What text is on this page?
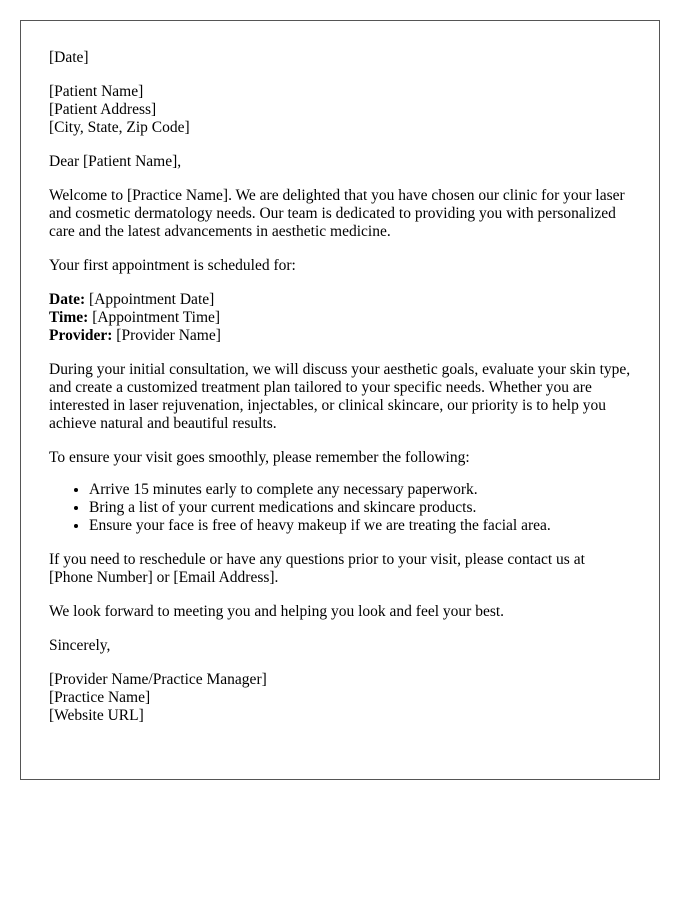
[Date]
[Patient Name]
[Patient Address]
[City, State, Zip Code]
Dear [Patient Name],
Welcome to [Practice Name]. We are delighted that you have chosen our clinic for your laser and cosmetic dermatology needs. Our team is dedicated to providing you with personalized care and the latest advancements in aesthetic medicine.
Your first appointment is scheduled for:
Date: [Appointment Date]
Time: [Appointment Time]
Provider: [Provider Name]
During your initial consultation, we will discuss your aesthetic goals, evaluate your skin type, and create a customized treatment plan tailored to your specific needs. Whether you are interested in laser rejuvenation, injectables, or clinical skincare, our priority is to help you achieve natural and beautiful results.
To ensure your visit goes smoothly, please remember the following:
• Arrive 15 minutes early to complete any necessary paperwork.
• Bring a list of your current medications and skincare products.
• Ensure your face is free of heavy makeup if we are treating the facial area.
If you need to reschedule or have any questions prior to your visit, please contact us at [Phone Number] or [Email Address].
We look forward to meeting you and helping you look and feel your best.
Sincerely,
[Provider Name/Practice Manager]
[Practice Name]
[Website URL]
